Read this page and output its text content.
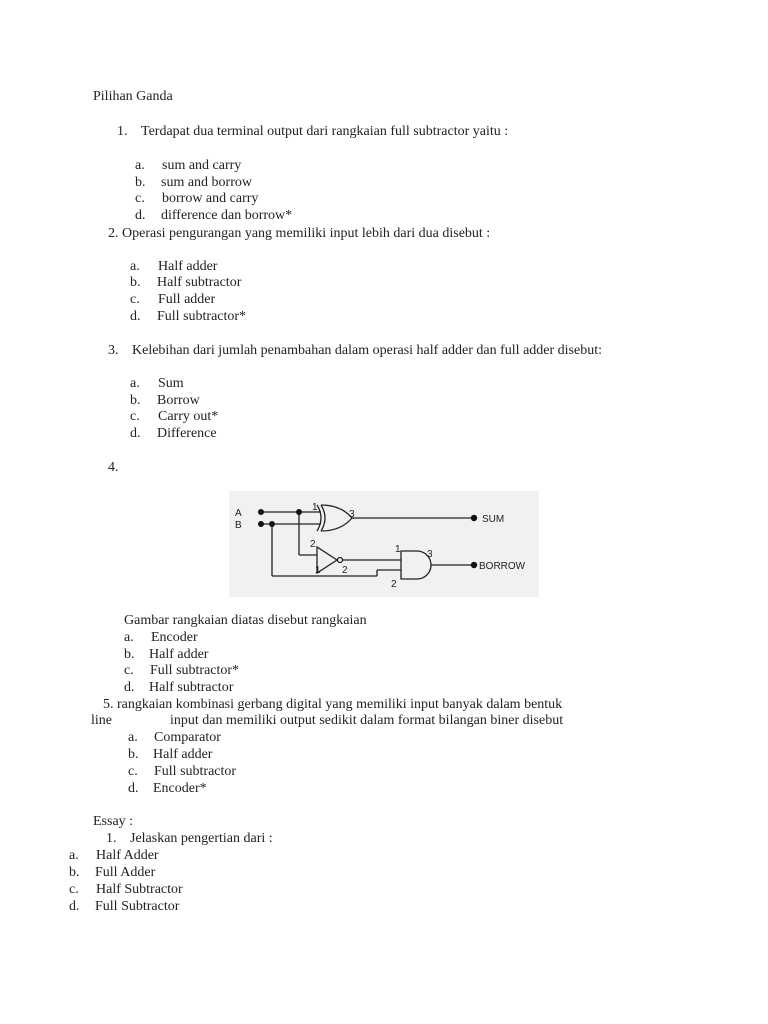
Pilihan Ganda
1. Terdapat dua terminal output dari rangkaian full subtractor yaitu :
a. sum and carry
b. sum and borrow
c. borrow and carry
d. difference dan borrow*
2. Operasi pengurangan yang memiliki input lebih dari dua disebut :
a. Half adder
b. Half subtractor
c. Full adder
d. Full subtractor*
3. Kelebihan dari jumlah penambahan dalam operasi half adder dan full adder disebut:
a. Sum
b. Borrow
c. Carry out*
d. Difference
4.
A
B
SUM
BORROW
1
3
2
1 2
1	3
2
Gambar rangkaian diatas disebut rangkaian
a. Encoder
b. Half adder
c. Full subtractor*
d. Half subtractor
5. rangkaian kombinasi gerbang digital yang memiliki input banyak dalam bentuk
line	input dan memiliki output sedikit dalam format bilangan biner disebut
a. Comparator
b. Half adder
c. Full subtractor
d. Encoder*
Essay :
1. Jelaskan pengertian dari :
a. Half Adder
b. Full Adder
c. Half Subtractor
d. Full Subtractor
